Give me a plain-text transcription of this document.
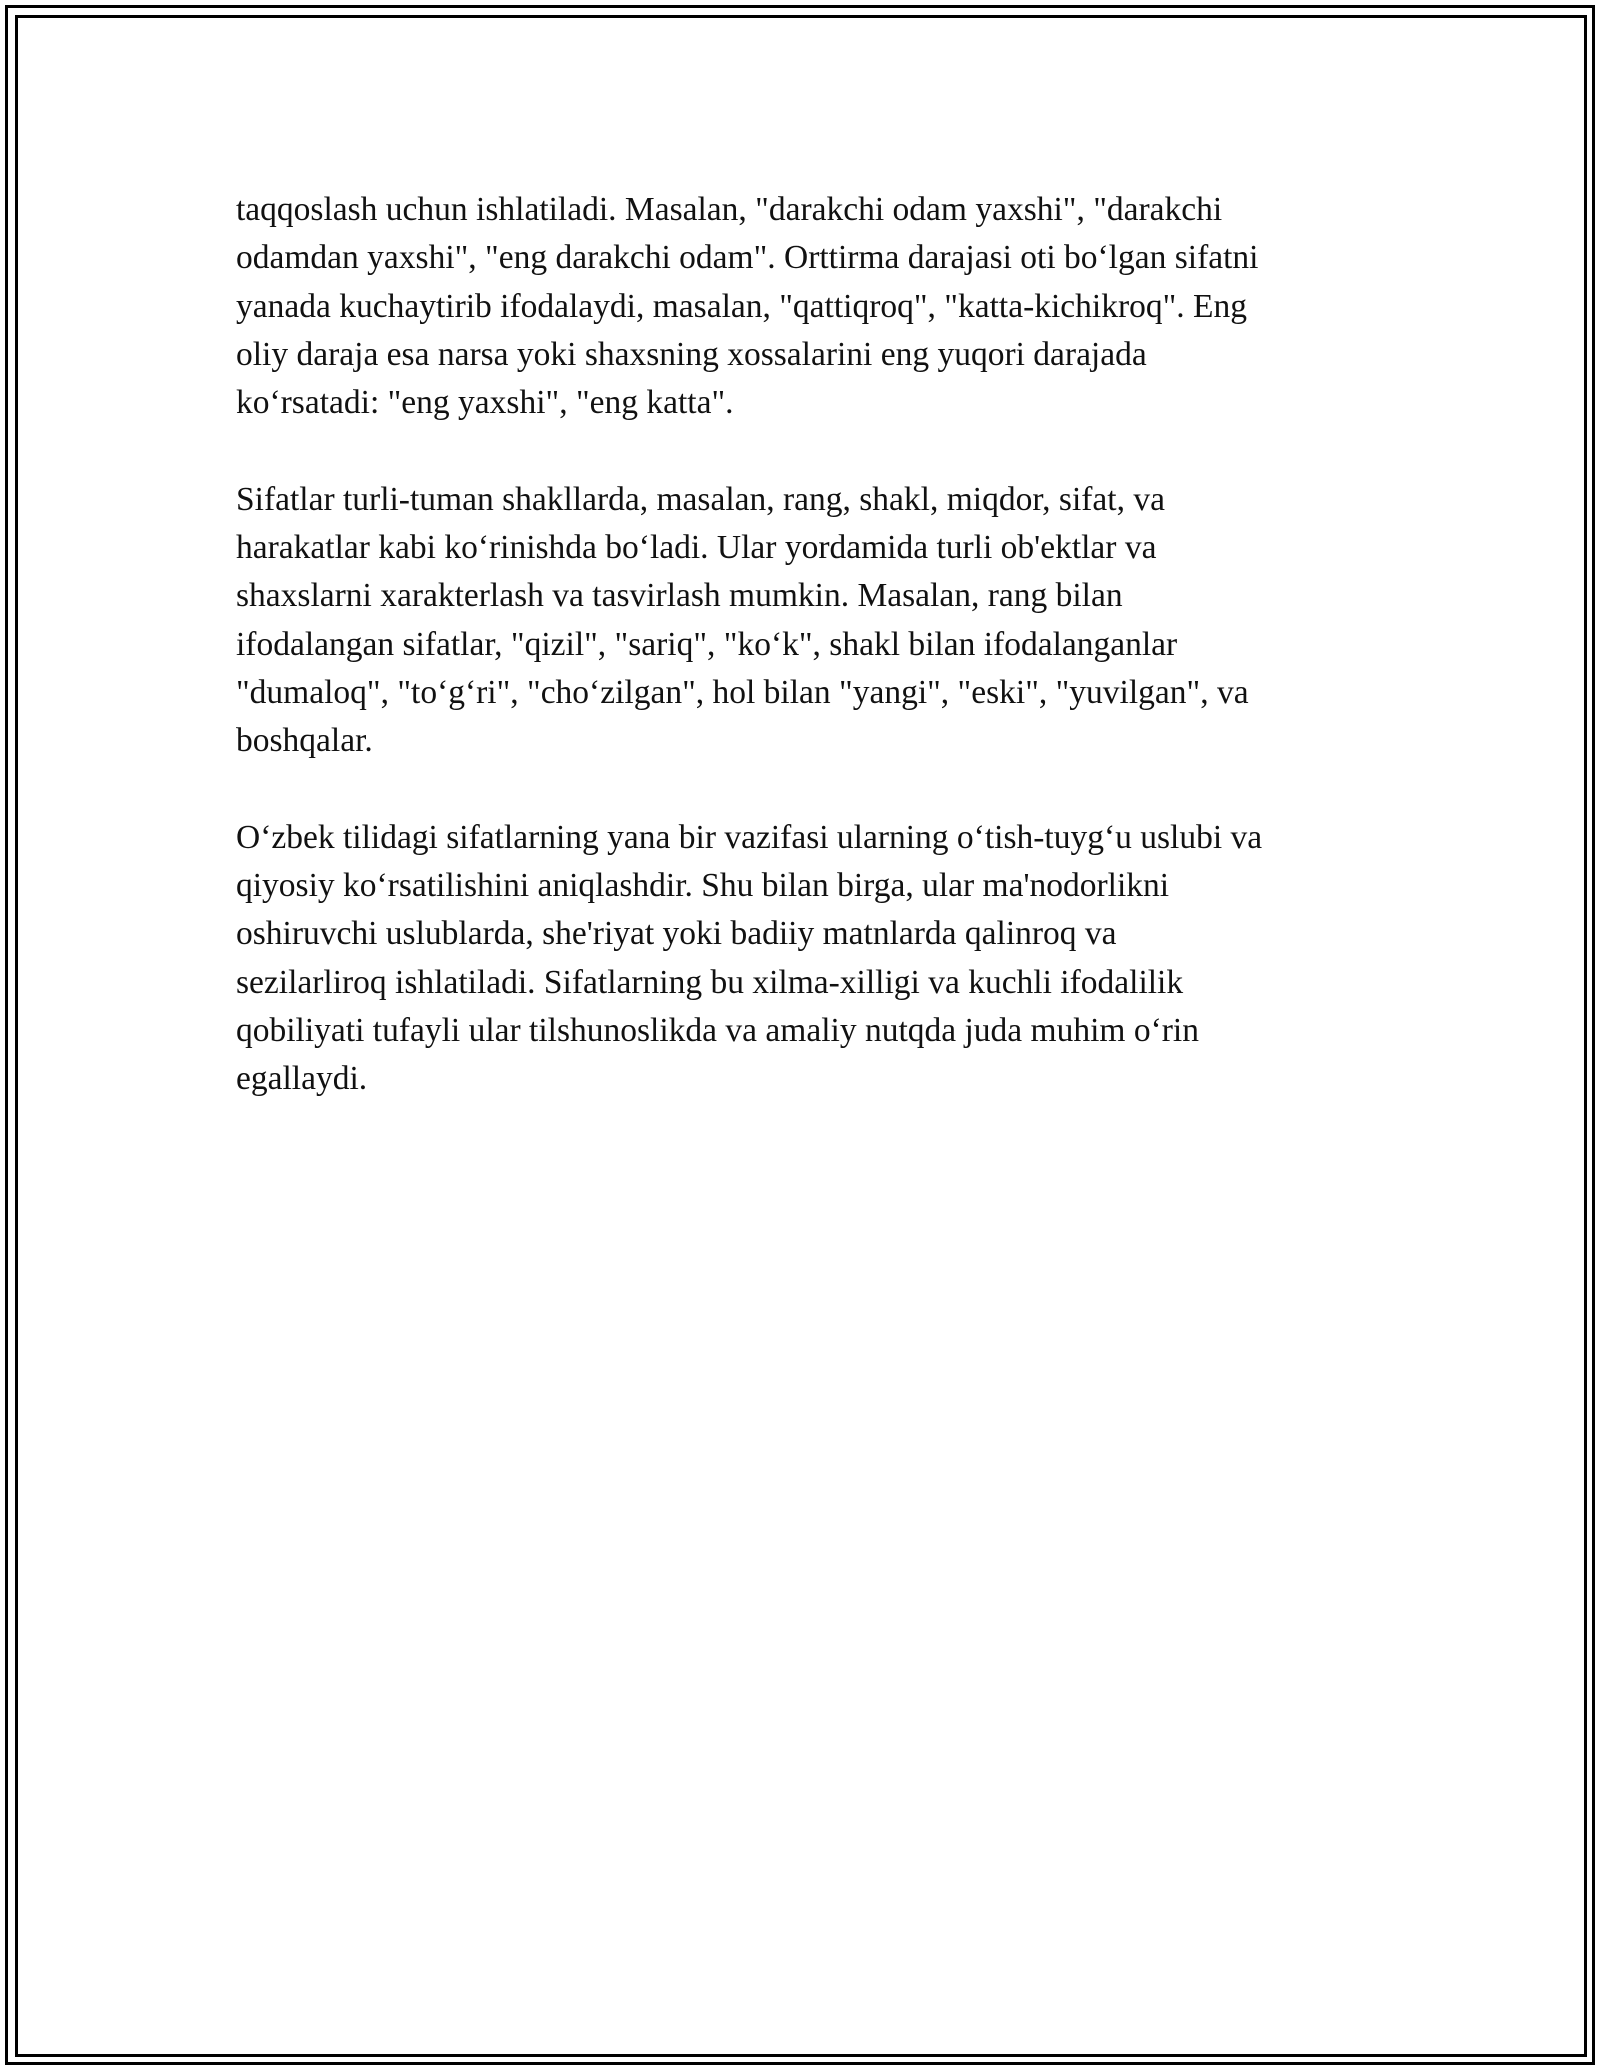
taqqoslash uchun ishlatiladi. Masalan, "darakchi odam yaxshi", "darakchi
odamdan yaxshi", "eng darakchi odam". Orttirma darajasi oti bo‘lgan sifatni
yanada kuchaytirib ifodalaydi, masalan, "qattiqroq", "katta-kichikroq". Eng
oliy daraja esa narsa yoki shaxsning xossalarini eng yuqori darajada
ko‘rsatadi: "eng yaxshi", "eng katta".

Sifatlar turli-tuman shakllarda, masalan, rang, shakl, miqdor, sifat, va
harakatlar kabi ko‘rinishda bo‘ladi. Ular yordamida turli ob'ektlar va
shaxslarni xarakterlash va tasvirlash mumkin. Masalan, rang bilan
ifodalangan sifatlar, "qizil", "sariq", "ko‘k", shakl bilan ifodalanganlar
"dumaloq", "to‘g‘ri", "cho‘zilgan", hol bilan "yangi", "eski", "yuvilgan", va
boshqalar.

O‘zbek tilidagi sifatlarning yana bir vazifasi ularning o‘tish-tuyg‘u uslubi va
qiyosiy ko‘rsatilishini aniqlashdir. Shu bilan birga, ular ma'nodorlikni
oshiruvchi uslublarda, she'riyat yoki badiiy matnlarda qalinroq va
sezilarliroq ishlatiladi. Sifatlarning bu xilma-xilligi va kuchli ifodalilik
qobiliyati tufayli ular tilshunoslikda va amaliy nutqda juda muhim o‘rin
egallaydi.
